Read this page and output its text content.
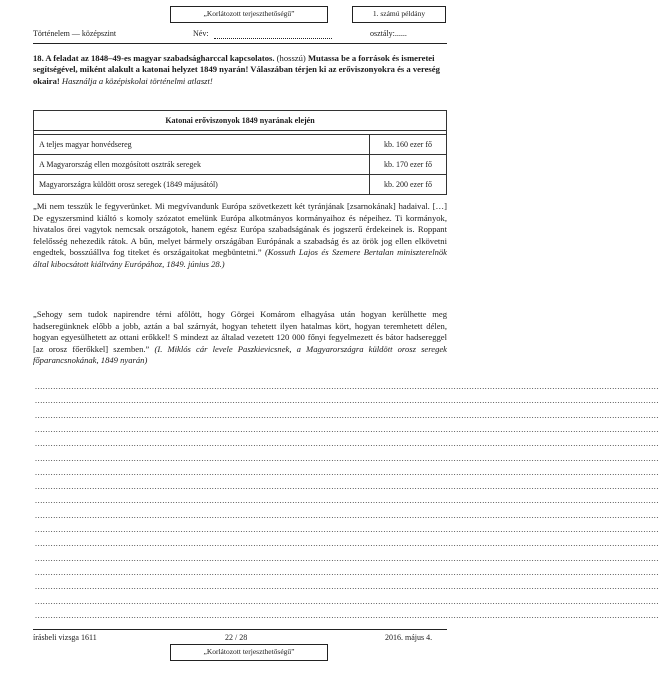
„Korlátozott terjeszthetőségű”	1. számú példány
Történelem — középszint	Név:	osztály:......
18. A feladat az 1848–49-es magyar szabadságharccal kapcsolatos. (hosszú) Mutassa be a források és ismeretei segítségével, miként alakult a katonai helyzet 1849 nyarán! Válaszában térjen ki az erőviszonyokra és a vereség okaira! Használja a középiskolai történelmi atlaszt!
Katonai erőviszonyok 1849 nyarának elején	

A teljes magyar honvédsereg	kb. 160 ezer fő
A Magyarország ellen mozgósított osztrák seregek	kb. 170 ezer fő
Magyarországra küldött orosz seregek (1849 májusától)	kb. 200 ezer fő
„Mi nem tesszük le fegyverünket. Mi megvívandunk Európa szövetkezett két tyránjának [zsarnokának] hadaival. […] De egyszersmind kiáltó s komoly szózatot emelünk Európa alkotmányos kormányaihoz és népeihez. Ti kormányok, hivatalos őrei vagytok nemcsak országotok, hanem egész Európa szabadságának és jogszerű érdekeinek is. Roppant felelősség nehezedik rátok. A bűn, melyet bármely országában Európának a szabadság és az örök jog ellen elkövetni engedtek, bosszúállva fog titeket és országaitokat megbüntetni.” (Kossuth Lajos és Szemere Bertalan miniszterelnök által kibocsátott kiáltvány Európához, 1849. június 28.)
„Sehogy sem tudok napirendre térni afölött, hogy Görgei Komárom elhagyása után hogyan kerülhette meg hadseregünknek előbb a jobb, aztán a bal szárnyát, hogyan tehetett ilyen hatalmas kört, hogyan teremhetett délen, hogyan egyesülhetett az ottani erőkkel! S mindezt az általad vezetett 120 000 főnyi fegyelmezett és bátor hadsereggel [az orosz főerőkkel] szemben.” (I. Miklós cár levele Paszkievicsnek, a Magyarországra küldött orosz seregek főparancsnokának, 1849 nyarán)
................................................................................................................................................................................................................................................
................................................................................................................................................................................................................................................
................................................................................................................................................................................................................................................
................................................................................................................................................................................................................................................
................................................................................................................................................................................................................................................
................................................................................................................................................................................................................................................
................................................................................................................................................................................................................................................
................................................................................................................................................................................................................................................
................................................................................................................................................................................................................................................
................................................................................................................................................................................................................................................
................................................................................................................................................................................................................................................
................................................................................................................................................................................................................................................
................................................................................................................................................................................................................................................
................................................................................................................................................................................................................................................
................................................................................................................................................................................................................................................
................................................................................................................................................................................................................................................
................................................................................................................................................................................................................................................
írásbeli vizsga 1611	22 / 28	2016. május 4.
„Korlátozott terjeszthetőségű”
